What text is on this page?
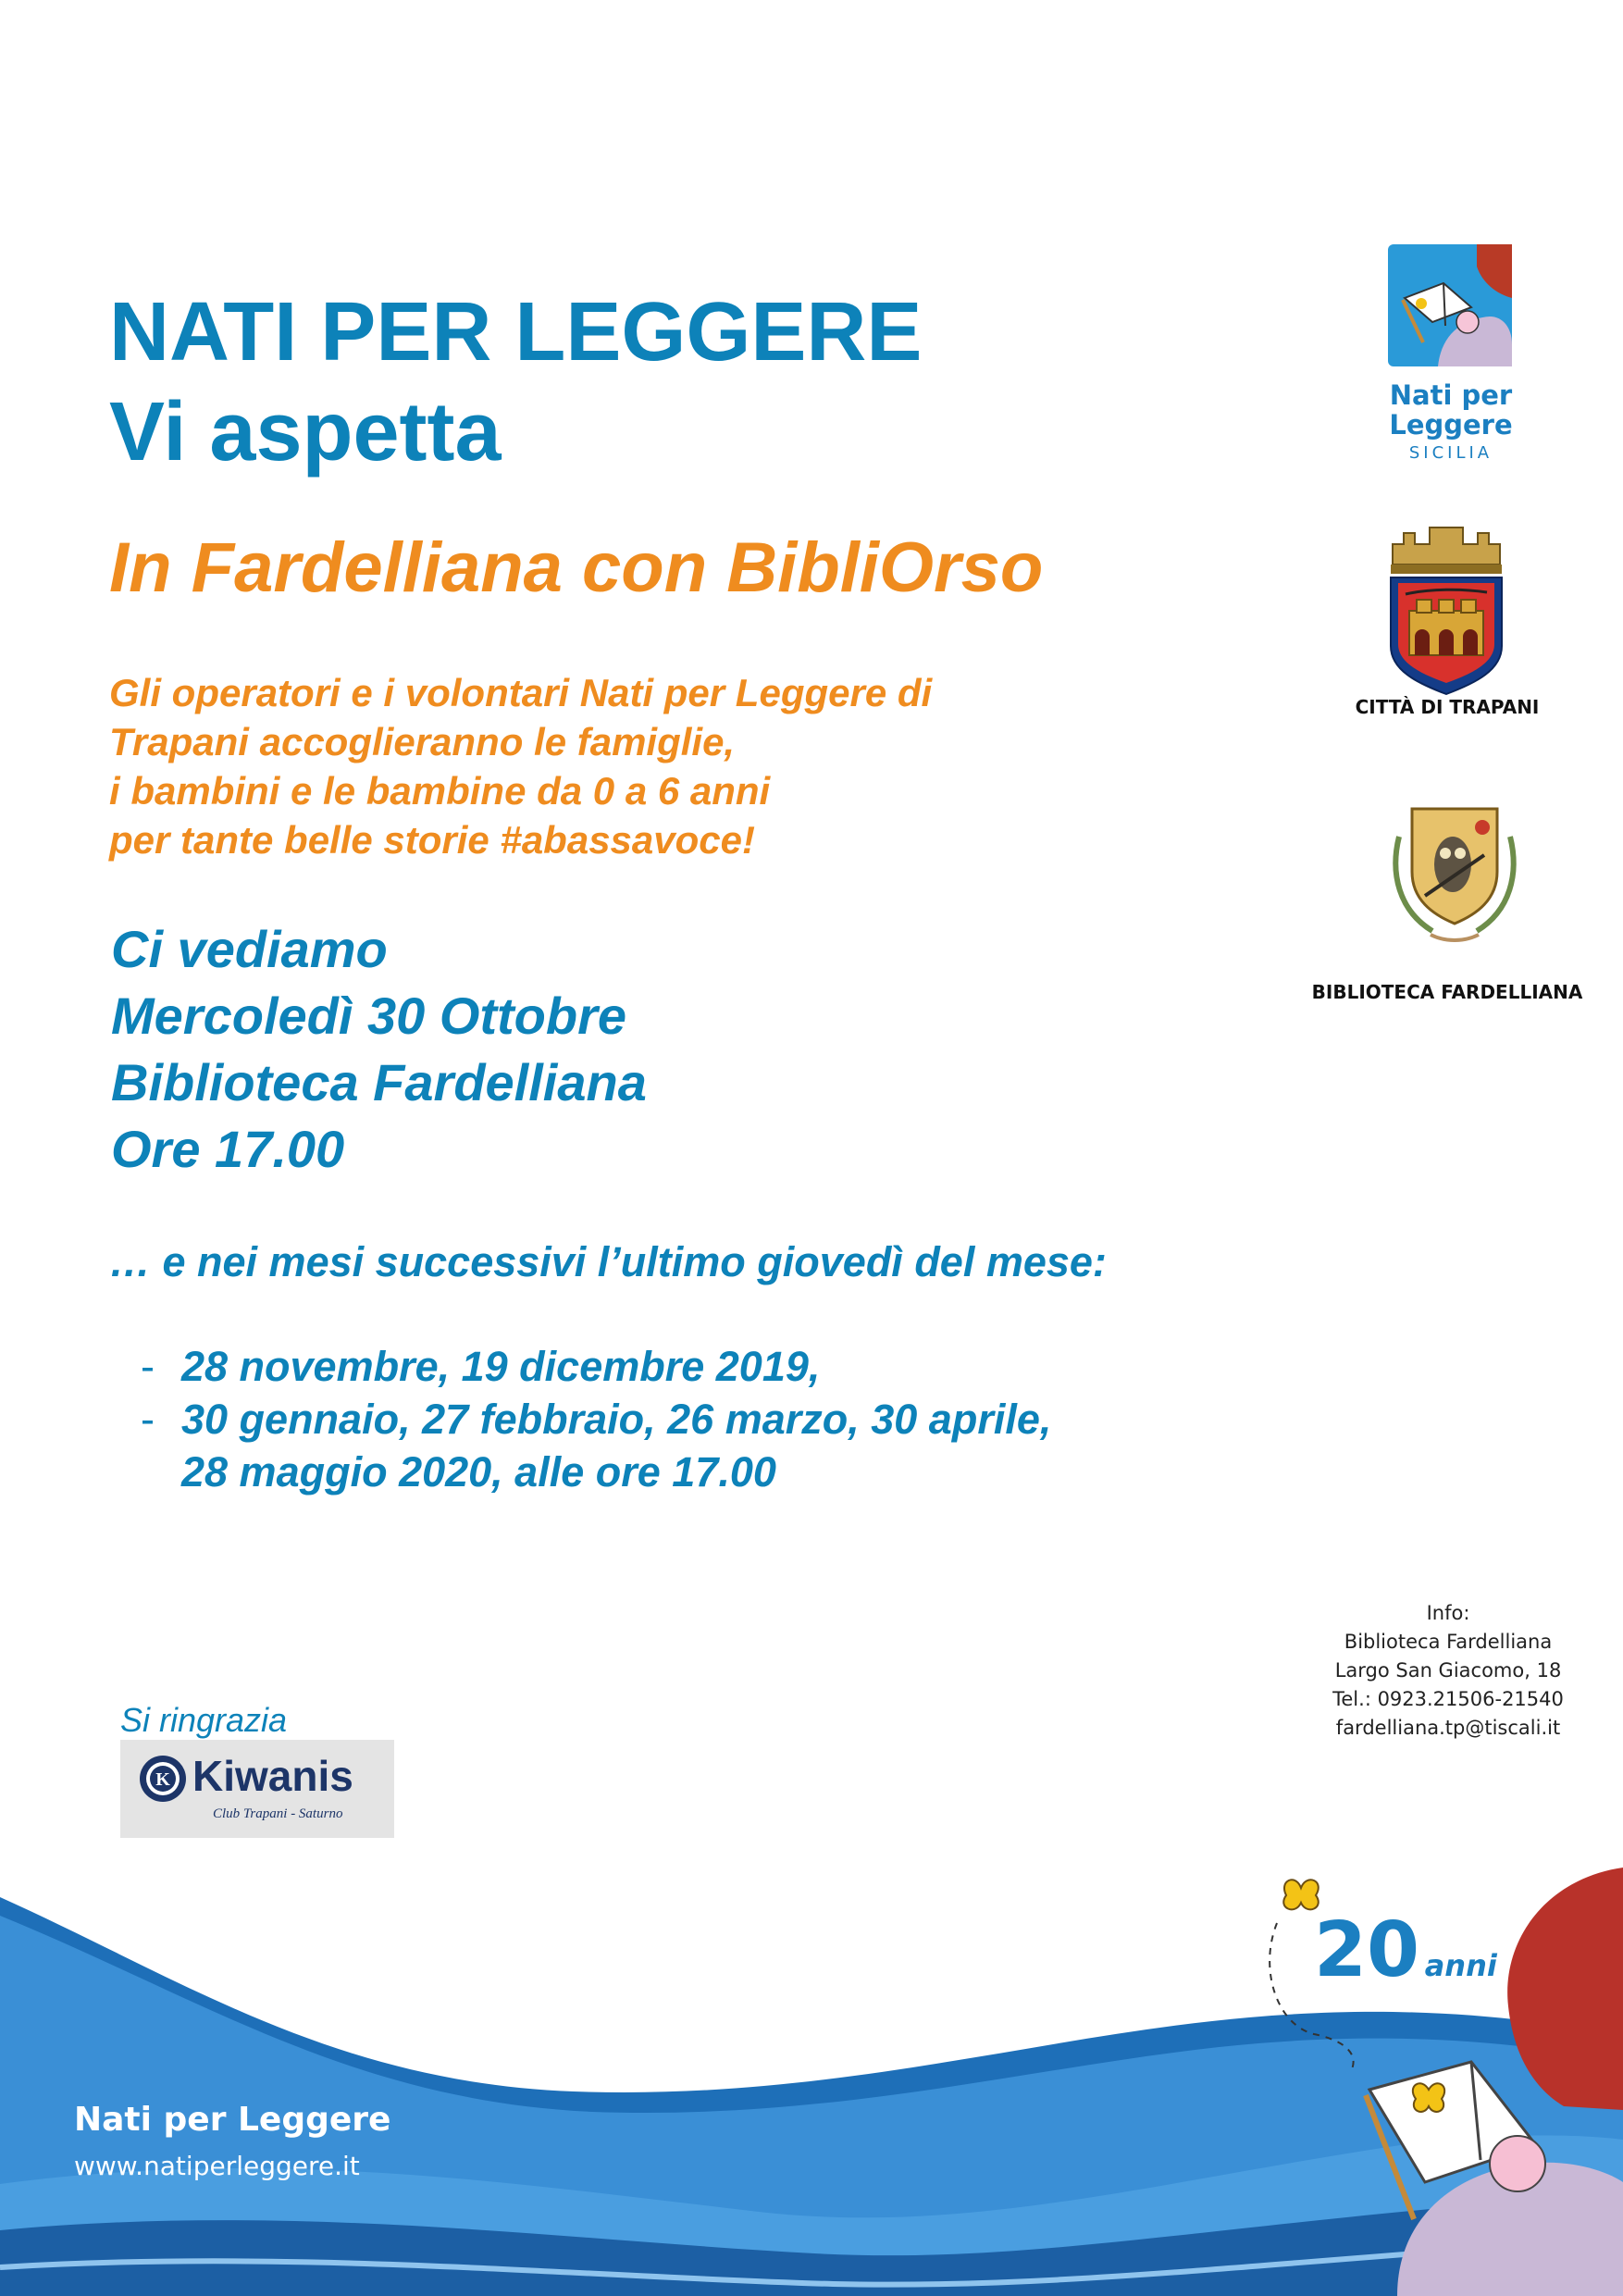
NATI PER LEGGERE
Vi aspetta
In Fardelliana con BibliOrso

Gli operatori e i volontari Nati per Leggere di
Trapani accoglieranno le famiglie,
i bambini e le bambine da 0 a 6 anni
per tante belle storie #abassavoce!

Ci vediamo
Mercoledì 30 Ottobre
Biblioteca Fardelliana
Ore 17.00

… e nei mesi successivi l’ultimo giovedì del mese:

- 28 novembre, 19 dicembre 2019,
- 30 gennaio, 27 febbraio, 26 marzo, 30 aprile,
28 maggio 2020, alle ore 17.00
Nati per
Leggere
SICILIA
CITTÀ DI TRAPANI
BIBLIOTECA FARDELLIANA
Info:
Biblioteca Fardelliana
Largo San Giacomo, 18
Tel.: 0923.21506-21540
fardelliana.tp@tiscali.it

Si ringrazia

K Kiwanis
Club Trapani - Saturno
Nati per Leggere
www.natiperleggere.it
20 anni
